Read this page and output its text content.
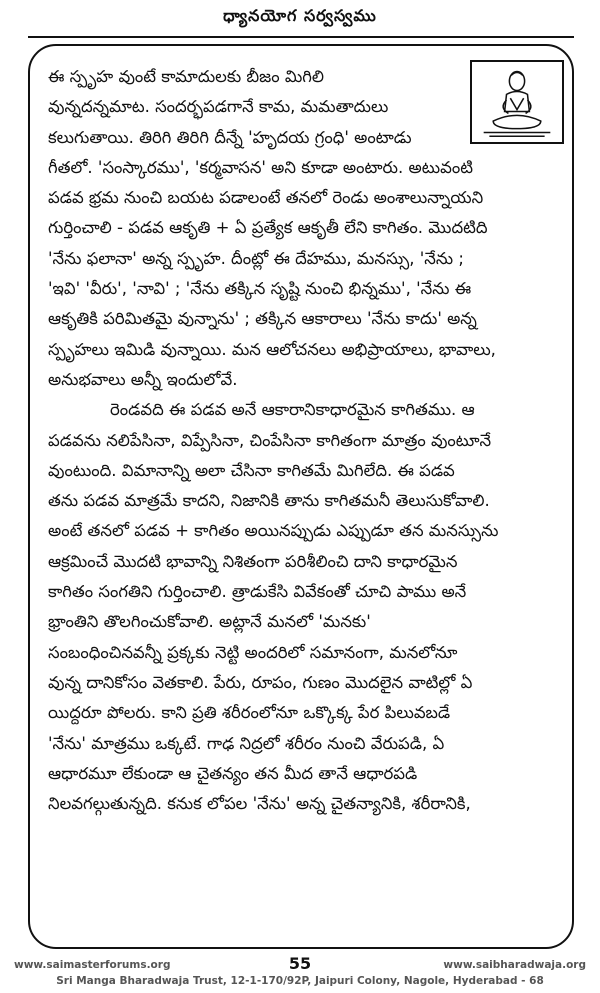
ధ్యానయోగ సర్వస్వము
ఈ స్పృహ వుంటే కామాదులకు బీజం మిగిలి
వున్నదన్నమాట. సందర్భపడగానే కామ, మమతాదులు
కలుగుతాయి. తిరిగి తిరిగి దీన్నే 'హృదయ గ్రంధి' అంటాడు
గీతలో. 'సంస్కారము', 'కర్మవాసన' అని కూడా అంటారు. అటువంటి
పడవ భ్రమ నుంచి బయట పడాలంటే తనలో రెండు అంశాలున్నాయని
గుర్తించాలి - పడవ ఆకృతి + ఏ ప్రత్యేక ఆకృతీ లేని కాగితం. మొదటిది
'నేను ఫలానా' అన్న స్పృహ. దీంట్లో ఈ దేహము, మనస్సు, 'నేను ;
'ఇవి' 'వీరు', 'నావి' ; 'నేను తక్కిన సృష్టి నుంచి భిన్నము', 'నేను ఈ
ఆకృతికి పరిమితమై వున్నాను' ; తక్కిన ఆకారాలు 'నేను కాదు' అన్న
స్పృహలు ఇమిడి వున్నాయి. మన ఆలోచనలు అభిప్రాయాలు, భావాలు,
అనుభవాలు అన్నీ ఇందులోవే.
రెండవది ఈ పడవ అనే ఆకారానికాధారమైన కాగితము. ఆ
పడవను నలిపేసినా, విప్పేసినా, చింపేసినా కాగితంగా మాత్రం వుంటూనే
వుంటుంది. విమానాన్ని అలా చేసినా కాగితమే మిగిలేది. ఈ పడవ
తను పడవ మాత్రమే కాదని, నిజానికి తాను కాగితమనీ తెలుసుకోవాలి.
అంటే తనలో పడవ + కాగితం అయినప్పుడు ఎప్పుడూ తన మనస్సును
ఆక్రమించే మొదటి భావాన్ని నిశితంగా పరిశీలించి దాని కాధారమైన
కాగితం సంగతిని గుర్తించాలి. త్రాడుకేసి వివేకంతో చూచి పాము అనే
భ్రాంతిని తొలగించుకోవాలి. అట్లానే మనలో 'మనకు'
సంబంధించినవన్నీ ప్రక్కకు నెట్టి అందరిలో సమానంగా, మనలోనూ
వున్న దానికోసం వెతకాలి. పేరు, రూపం, గుణం మొదలైన వాటిల్లో ఏ
యిద్దరూ పోలరు. కాని ప్రతి శరీరంలోనూ ఒక్కొక్క పేర పిలువబడే
'నేను' మాత్రము ఒక్కటే. గాఢ నిద్రలో శరీరం నుంచి వేరుపడి, ఏ
ఆధారమూ లేకుండా ఆ చైతన్యం తన మీద తానే ఆధారపడి
నిలవగల్గుతున్నది. కనుక లోపల 'నేను' అన్న చైతన్యానికి, శరీరానికి,
55
www.saimasterforums.org	www.saibharadwaja.org
Sri Manga Bharadwaja Trust, 12-1-170/92P, Jaipuri Colony, Nagole, Hyderabad - 68
